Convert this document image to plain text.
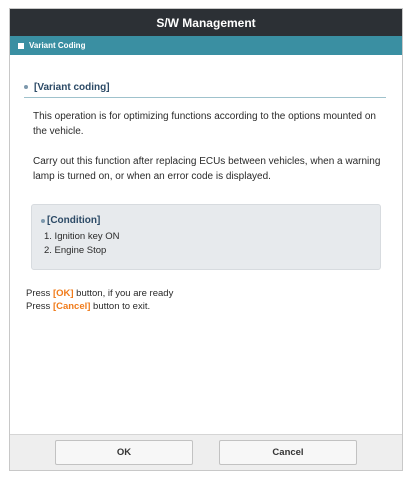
S/W Management
Variant Coding
[Variant coding]
This operation is for optimizing functions according to the options mounted on the vehicle.
Carry out this function after replacing ECUs between vehicles, when a warning lamp is turned on, or when an error code is displayed.
[Condition]
1. Ignition key ON
2. Engine Stop
Press [OK] button, if you are ready
Press [Cancel] button to exit.
OK	Cancel
